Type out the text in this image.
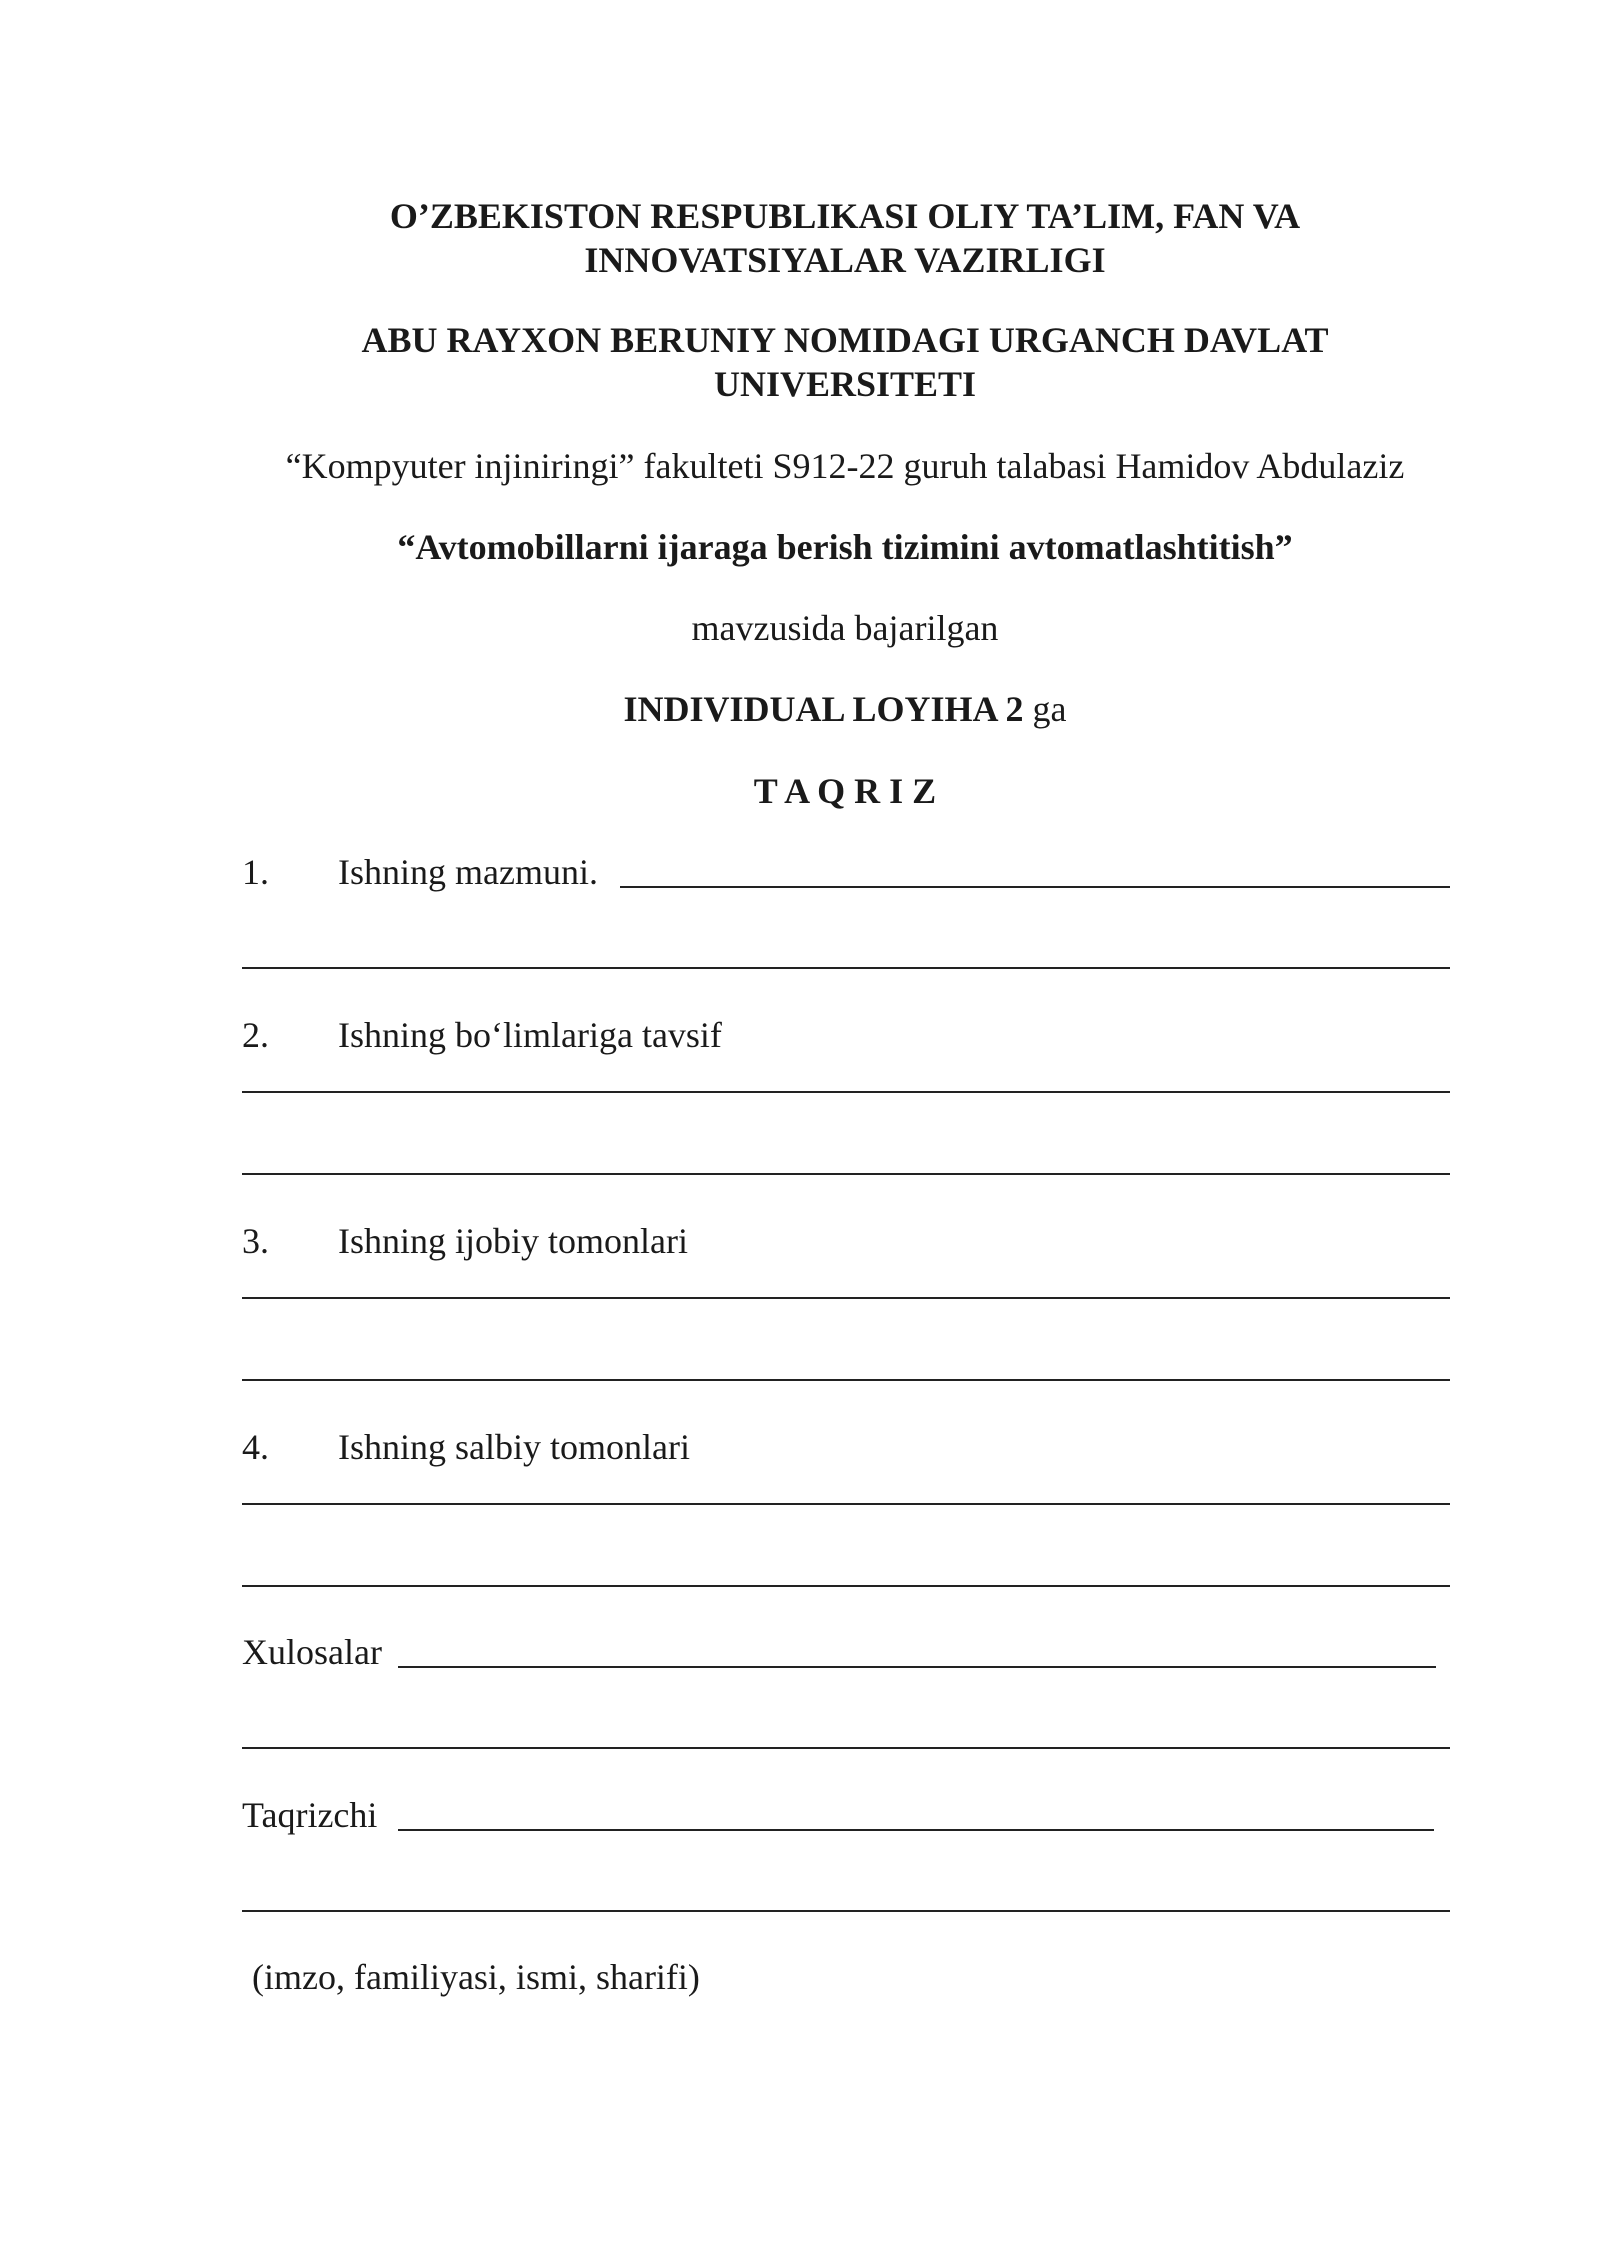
O’ZBEKISTON RESPUBLIKASI OLIY TA’LIM, FAN VA
INNOVATSIYALAR VAZIRLIGI
ABU RAYXON BERUNIY NOMIDAGI URGANCH DAVLAT
UNIVERSITETI
“Kompyuter injiniringi” fakulteti S912-22 guruh talabasi Hamidov Abdulaziz
“Avtomobillarni ijaraga berish tizimini avtomatlashtitish”
mavzusida bajarilgan
INDIVIDUAL LOYIHA 2 ga
T A Q R I Z
1. Ishning mazmuni.
2. Ishning bo‘limlariga tavsif
3. Ishning ijobiy tomonlari
4. Ishning salbiy tomonlari
Xulosalar
Taqrizchi
(imzo, familiyasi, ismi, sharifi)
